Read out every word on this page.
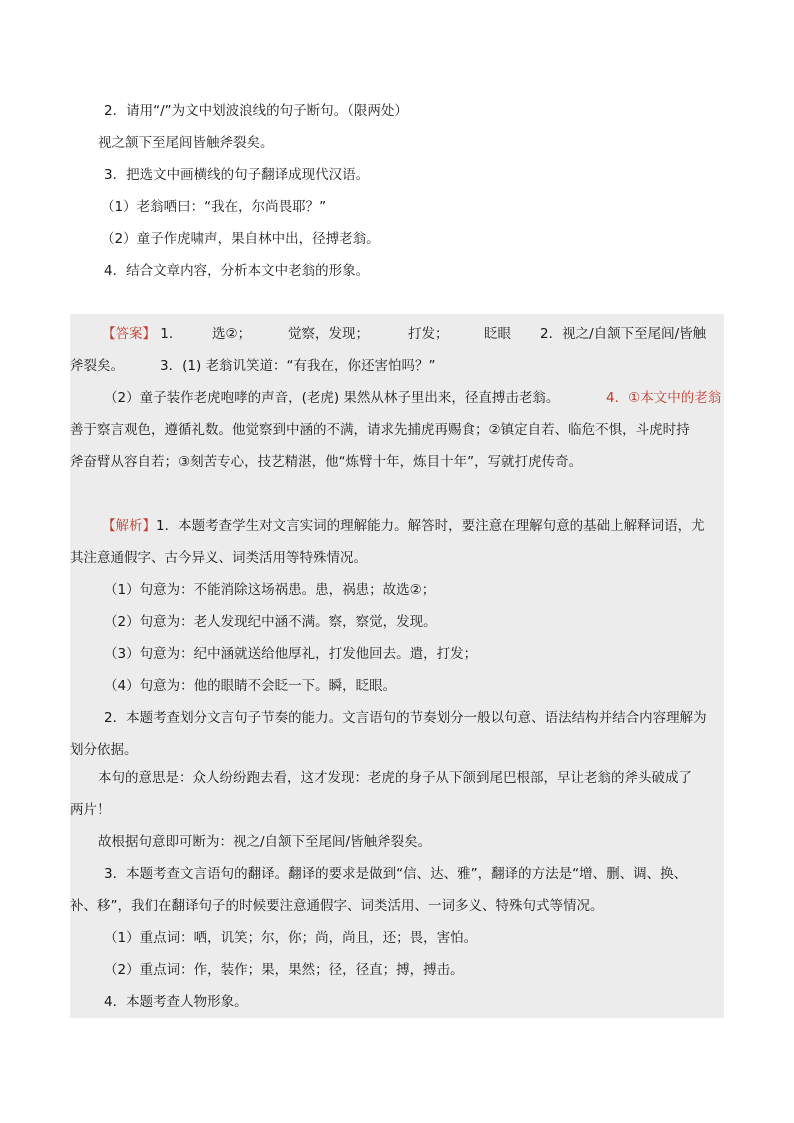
2．请用“/”为文中划波浪线的句子断句。（限两处）
视之颔下至尾闾皆触斧裂矣。
3．把选文中画横线的句子翻译成现代汉语。
（1）老翁哂曰：“我在，尔尚畏耶？”
（2）童子作虎啸声，果自林中出，径搏老翁。
4．结合文章内容，分析本文中老翁的形象。
【答案】 1.	选②；	觉察，发现；	打发；	眨眼 2．视之/自颔下至尾闾/皆触
斧裂矣。	3．(1) 老翁讥笑道：“有我在，你还害怕吗？”
（2）童子装作老虎咆哮的声音，(老虎) 果然从林子里出来，径直搏击老翁。	4．①本文中的老翁
善于察言观色，遵循礼数。他觉察到中涵的不满，请求先捕虎再赐食；②镇定自若、临危不惧，斗虎时持
斧奋臂从容自若；③刻苦专心，技艺精湛，他“炼臂十年，炼目十年”，写就打虎传奇。
【解析】1．本题考查学生对文言实词的理解能力。解答时，要注意在理解句意的基础上解释词语，尤
其注意通假字、古今异义、词类活用等特殊情况。
（1）句意为：不能消除这场祸患。患，祸患；故选②；
（2）句意为：老人发现纪中涵不满。察，察觉，发现。
（3）句意为：纪中涵就送给他厚礼，打发他回去。遣，打发；
（4）句意为：他的眼睛不会眨一下。瞬，眨眼。
2．本题考查划分文言句子节奏的能力。文言语句的节奏划分一般以句意、语法结构并结合内容理解为
划分依据。
本句的意思是：众人纷纷跑去看，这才发现：老虎的身子从下颌到尾巴根部，早让老翁的斧头破成了
两片！
故根据句意即可断为：视之/自颔下至尾闾/皆触斧裂矣。
3．本题考查文言语句的翻译。翻译的要求是做到“信、达、雅”，翻译的方法是“增、删、调、换、
补、移”，我们在翻译句子的时候要注意通假字、词类活用、一词多义、特殊句式等情况。
（1）重点词：哂，讥笑；尔，你；尚，尚且，还；畏，害怕。
（2）重点词：作，装作；果，果然；径，径直；搏，搏击。
4．本题考查人物形象。
